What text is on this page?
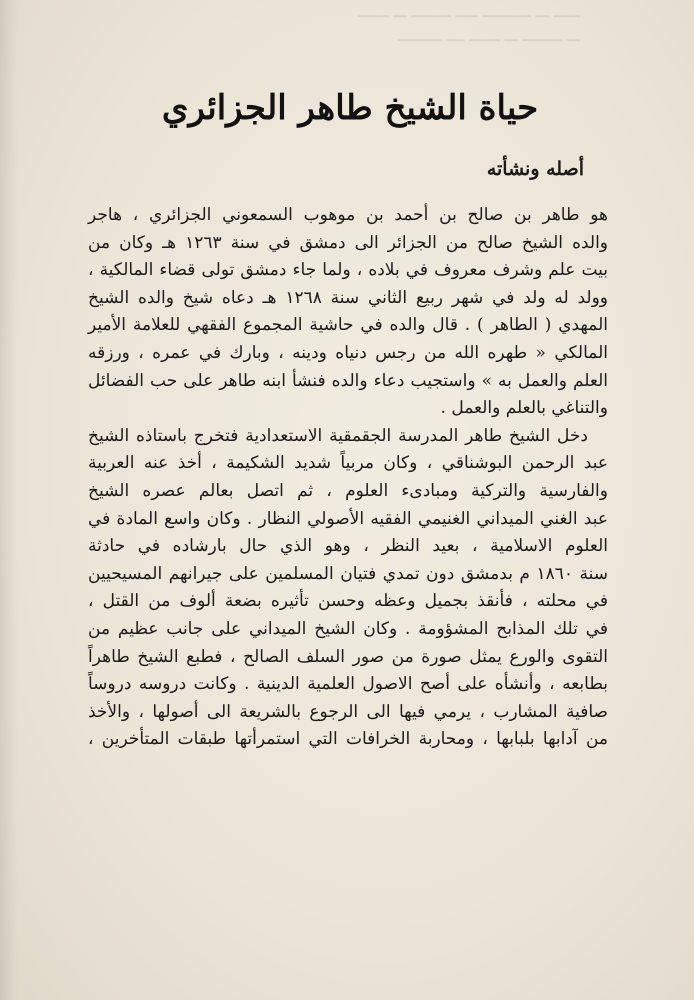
ـــــــ ـــ ـــــــــ ـــــ ـــــــــــ ـــ ــــــ
ــــــــــ ــــ ـــــــ ـــ ـــــــــ ـــ
حياة الشيخ طاهر الجزائري
أصله ونشأته
هو طاهر بن صالح بن أحمد بن موهوب السمعوني الجزائري ، هاجر
والده الشيخ صالح من الجزائر الى دمشق في سنة ١٢٦٣ هـ وكان من
بيت علم وشرف معروف في بلاده ، ولما جاء دمشق تولى قضاء المالكية ،
وولد له ولد في شهر ربيع الثاني سنة ١٢٦٨ هـ دعاه شيخ والده الشيخ
المهدي ( الطاهر ) . قال والده في حاشية المجموع الفقهي للعلامة الأمير
المالكي « طهره الله من رجس دنياه ودينه ، وبارك في عمره ، ورزقه
العلم والعمل به » واستجيب دعاء والده فنشأ ابنه طاهر على حب الفضائل
والتناغي بالعلم والعمل .
دخل الشيخ طاهر المدرسة الجقمقية الاستعدادية فتخرج باستاذه الشيخ
عبد الرحمن البوشناقي ، وكان مربياً شديد الشكيمة ، أخذ عنه العربية
والفارسية والتركية ومبادىء العلوم ، ثم اتصل بعالم عصره الشيخ
عبد الغني الميداني الغنيمي الفقيه الأصولي النظار . وكان واسع المادة في
العلوم الاسلامية ، بعيد النظر ، وهو الذي حال بارشاده في حادثة
سنة ١٨٦٠ م بدمشق دون تمدي فتيان المسلمين على جيرانهم المسيحيين
في محلته ، فأنقذ بجميل وعظه وحسن تأثيره بضعة ألوف من القتل ،
في تلك المذابح المشؤومة . وكان الشيخ الميداني على جانب عظيم من
التقوى والورع يمثل صورة من صور السلف الصالح ، فطبع الشيخ طاهراً
بطابعه ، وأنشأه على أصح الاصول العلمية الدينية . وكانت دروسه دروساً
صافية المشارب ، يرمي فيها الى الرجوع بالشريعة الى أصولها ، والأخذ
من آدابها بلبابها ، ومحاربة الخرافات التي استمرأتها طبقات المتأخرين ،
